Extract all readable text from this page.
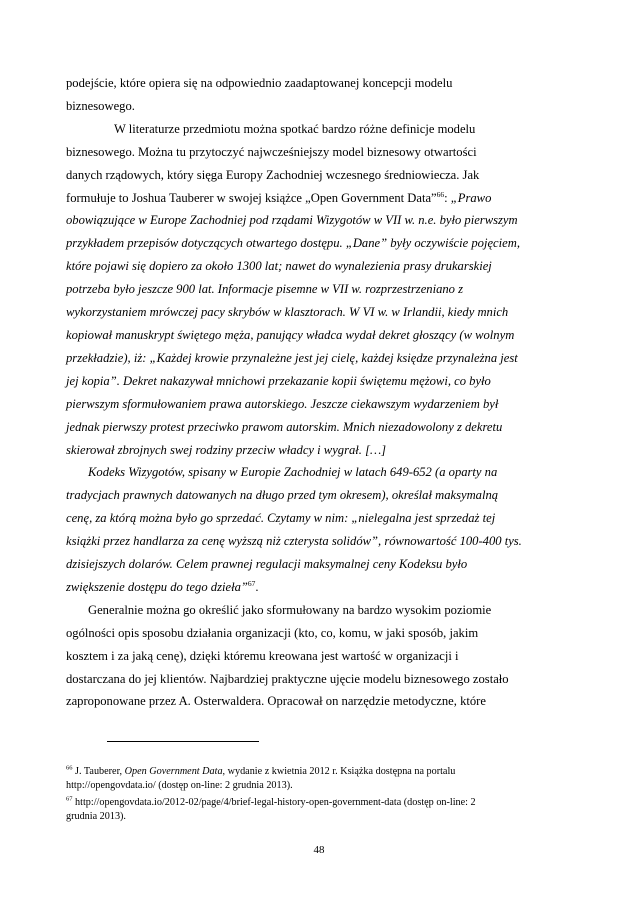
podejście, które opiera się na odpowiednio zaadaptowanej koncepcji modelu
biznesowego.

W literaturze przedmiotu można spotkać bardzo różne definicje modelu
biznesowego. Można tu przytoczyć najwcześniejszy model biznesowy otwartości
danych rządowych, który sięga Europy Zachodniej wczesnego średniowiecza. Jak
formułuje to Joshua Tauberer w swojej książce „Open Government Data”$^{66}$: „Prawo
obowiązujące w Europe Zachodniej pod rządami Wizygotów w VII w. n.e. było pierwszym
przykładem przepisów dotyczących otwartego dostępu. „Dane” były oczywiście pojęciem,
które pojawi się dopiero za około 1300 lat; nawet do wynalezienia prasy drukarskiej
potrzeba było jeszcze 900 lat. Informacje pisemne w VII w. rozprzestrzeniano z
wykorzystaniem mrówczej pacy skrybów w klasztorach. W VI w. w Irlandii, kiedy mnich
kopiował manuskrypt świętego męża, panujący władca wydał dekret głoszący (w wolnym
przekładzie), iż: „Każdej krowie przynależne jest jej cielę, każdej księdze przynależna jest
jej kopia”. Dekret nakazywał mnichowi przekazanie kopii świętemu mężowi, co było
pierwszym sformułowaniem prawa autorskiego. Jeszcze ciekawszym wydarzeniem był
jednak pierwszy protest przeciwko prawom autorskim. Mnich niezadowolony z dekretu
skierował zbrojnych swej rodziny przeciw władcy i wygrał. […]

Kodeks Wizygotów, spisany w Europie Zachodniej w latach 649-652 (a oparty na
tradycjach prawnych datowanych na długo przed tym okresem), określał maksymalną
cenę, za którą można było go sprzedać. Czytamy w nim: „nielegalna jest sprzedaż tej
książki przez handlarza za cenę wyższą niż czterysta solidów”, równowartość 100-400 tys.
dzisiejszych dolarów. Celem prawnej regulacji maksymalnej ceny Kodeksu było
zwiększenie dostępu do tego dzieła”$^{67}$.

Generalnie można go określić jako sformułowany na bardzo wysokim poziomie
ogólności opis sposobu działania organizacji (kto, co, komu, w jaki sposób, jakim
kosztem i za jaką cenę), dzięki któremu kreowana jest wartość w organizacji i
dostarczana do jej klientów. Najbardziej praktyczne ujęcie modelu biznesowego zostało
zaproponowane przez A. Osterwaldera. Opracował on narzędzie metodyczne, które

$^{66}$ J. Tauberer, Open Government Data, wydanie z kwietnia 2012 r. Książka dostępna na portalu
http://opengovdata.io/ (dostęp on-line: 2 grudnia 2013).
$^{67}$ http://opengovdata.io/2012-02/page/4/brief-legal-history-open-government-data (dostęp on-line: 2
grudnia 2013).
48
